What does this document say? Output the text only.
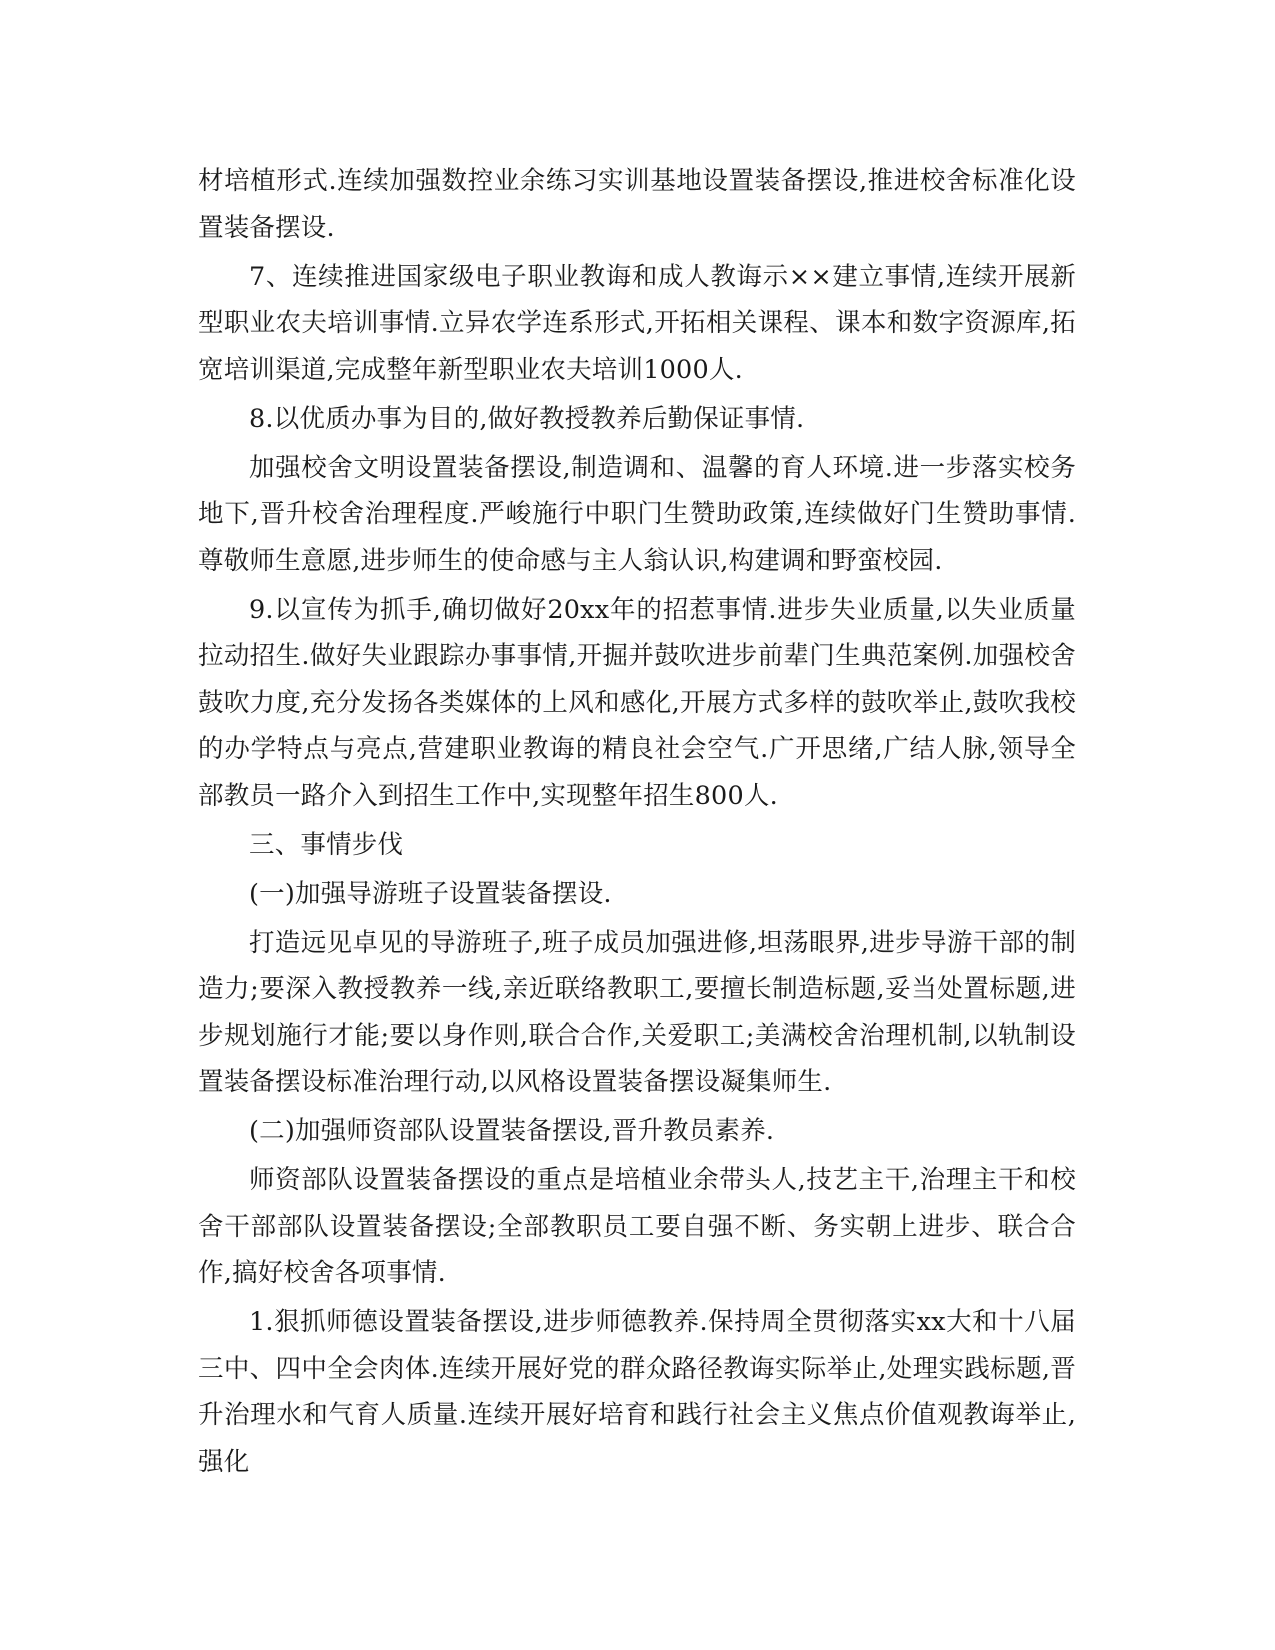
材培植形式.连续加强数控业余练习实训基地设置装备摆设,推进校舍标准化设置装备摆设.

7、连续推进国家级电子职业教诲和成人教诲示××建立事情,连续开展新型职业农夫培训事情.立异农学连系形式,开拓相关课程、课本和数字资源库,拓宽培训渠道,完成整年新型职业农夫培训1000人.

8.以优质办事为目的,做好教授教养后勤保证事情.

加强校舍文明设置装备摆设,制造调和、温馨的育人环境.进一步落实校务地下,晋升校舍治理程度.严峻施行中职门生赞助政策,连续做好门生赞助事情.尊敬师生意愿,进步师生的使命感与主人翁认识,构建调和野蛮校园.

9.以宣传为抓手,确切做好20xx年的招惹事情.进步失业质量,以失业质量拉动招生.做好失业跟踪办事事情,开掘并鼓吹进步前辈门生典范案例.加强校舍鼓吹力度,充分发扬各类媒体的上风和感化,开展方式多样的鼓吹举止,鼓吹我校的办学特点与亮点,营建职业教诲的精良社会空气.广开思绪,广结人脉,领导全部教员一路介入到招生工作中,实现整年招生800人.

三、事情步伐

(一)加强导游班子设置装备摆设.

打造远见卓见的导游班子,班子成员加强进修,坦荡眼界,进步导游干部的制造力;要深入教授教养一线,亲近联络教职工,要擅长制造标题,妥当处置标题,进步规划施行才能;要以身作则,联合合作,关爱职工;美满校舍治理机制,以轨制设置装备摆设标准治理行动,以风格设置装备摆设凝集师生.

(二)加强师资部队设置装备摆设,晋升教员素养.

师资部队设置装备摆设的重点是培植业余带头人,技艺主干,治理主干和校舍干部部队设置装备摆设;全部教职员工要自强不断、务实朝上进步、联合合作,搞好校舍各项事情.

1.狠抓师德设置装备摆设,进步师德教养.保持周全贯彻落实xx大和十八届三中、四中全会肉体.连续开展好党的群众路径教诲实际举止,处理实践标题,晋升治理水和气育人质量.连续开展好培育和践行社会主义焦点价值观教诲举止,强化
